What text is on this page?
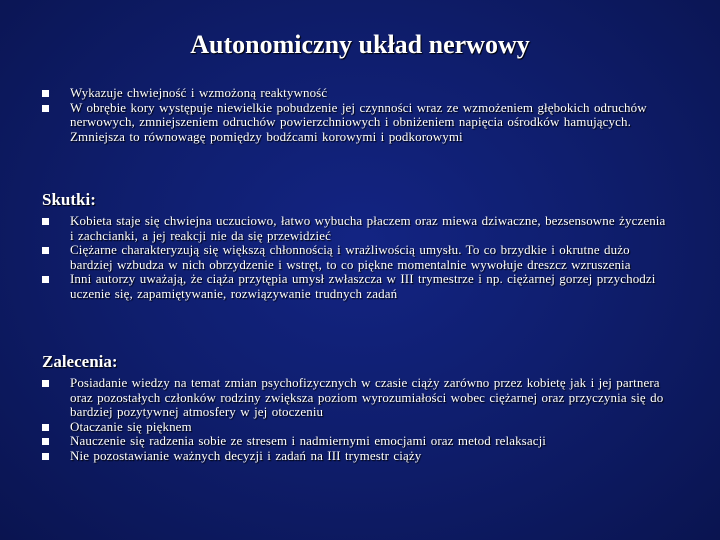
Autonomiczny układ nerwowy
Wykazuje chwiejność i wzmożoną reaktywność
W obrębie kory występuje niewielkie pobudzenie jej czynności wraz ze wzmożeniem głębokich odruchów nerwowych, zmniejszeniem odruchów powierzchniowych i obniżeniem napięcia ośrodków hamujących. Zmniejsza to równowagę pomiędzy bodźcami korowymi i podkorowymi
Skutki:
Kobieta staje się chwiejna uczuciowo, łatwo wybucha płaczem oraz miewa dziwaczne, bezsensowne życzenia i zachcianki, a jej reakcji nie da się przewidzieć
Ciężarne charakteryzują się większą chłonnością i wrażliwością umysłu. To co brzydkie i okrutne dużo bardziej wzbudza w nich obrzydzenie i wstręt, to co piękne momentalnie wywołuje dreszcz wzruszenia
Inni autorzy uważają, że ciąża przytępia umysł zwłaszcza w III trymestrze i np. ciężarnej gorzej przychodzi uczenie się, zapamiętywanie, rozwiązywanie trudnych zadań
Zalecenia:
Posiadanie wiedzy na temat zmian psychofizycznych w czasie ciąży zarówno przez kobietę jak i jej partnera oraz pozostałych członków rodziny zwiększa poziom wyrozumiałości wobec ciężarnej oraz przyczynia się do bardziej pozytywnej atmosfery w jej otoczeniu
Otaczanie się pięknem
Nauczenie się radzenia sobie ze stresem i nadmiernymi emocjami oraz metod relaksacji
Nie pozostawianie ważnych decyzji i zadań na III trymestr ciąży
